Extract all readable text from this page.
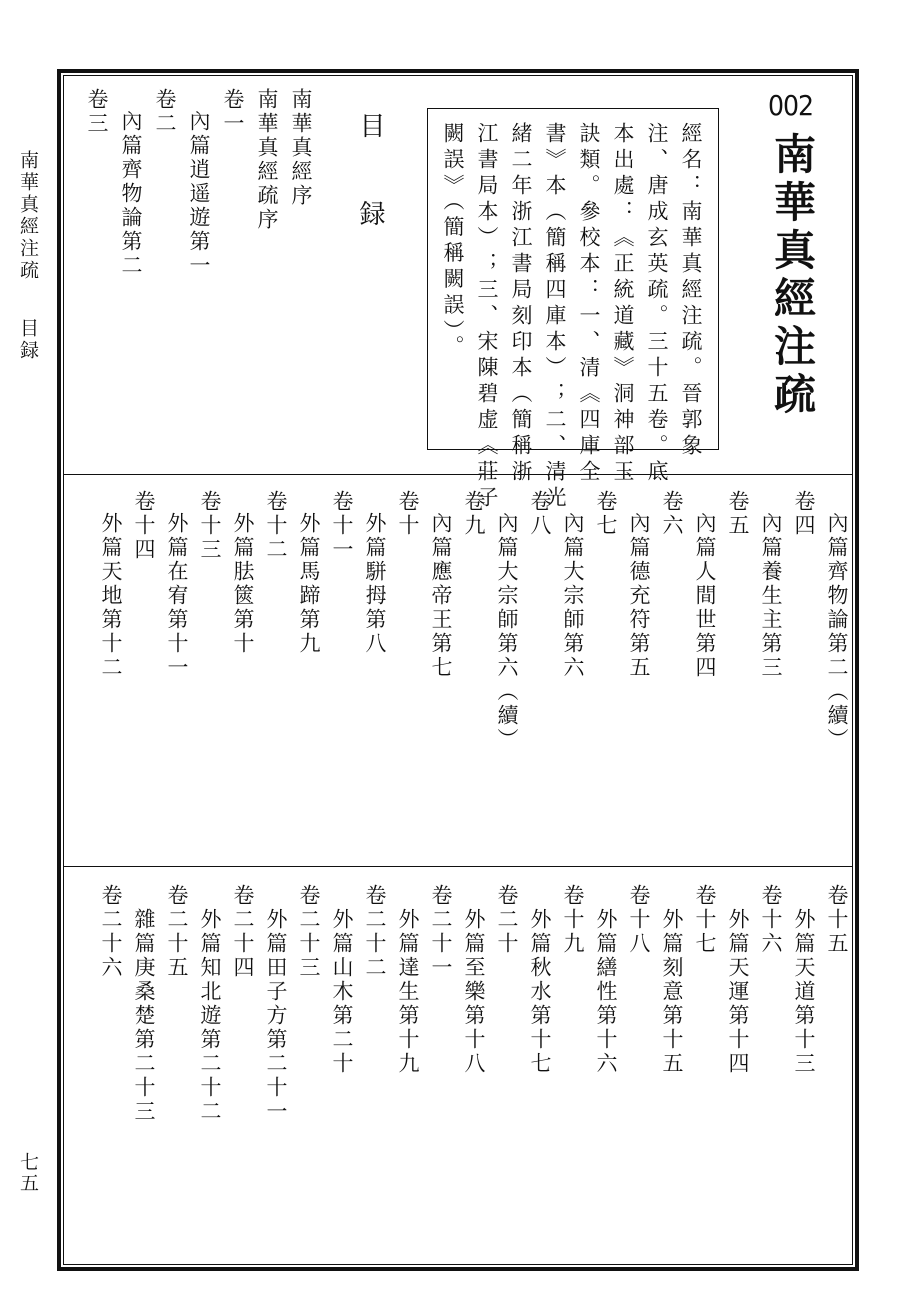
南華真經注疏
目録
七五
002
南華真經注疏
經名：南華真經注疏。晉郭象
注、唐成玄英疏。三十五卷。底
本出處：《正統道藏》洞神部玉
訣類。參校本：一、清《四庫全
書》本（簡稱四庫本）；二、清光
緒二年浙江書局刻印本（簡稱浙
江書局本）；三、宋陳碧虚《莊子
闕誤》（簡稱闕誤）。
目　録
南華真經序
南華真經疏序
卷一
內篇逍遥遊第一
卷二
內篇齊物論第二
卷三
內篇齊物論第二（續）
卷四
內篇養生主第三
卷五
內篇人間世第四
卷六
內篇德充符第五
卷七
內篇大宗師第六
卷八
內篇大宗師第六（續）
卷九
內篇應帝王第七
卷十
外篇駢拇第八
卷十一
外篇馬蹄第九
卷十二
外篇胠篋第十
卷十三
外篇在宥第十一
卷十四
外篇天地第十二
卷十五
外篇天道第十三
卷十六
外篇天運第十四
卷十七
外篇刻意第十五
卷十八
外篇繕性第十六
卷十九
外篇秋水第十七
卷二十
外篇至樂第十八
卷二十一
外篇達生第十九
卷二十二
外篇山木第二十
卷二十三
外篇田子方第二十一
卷二十四
外篇知北遊第二十二
卷二十五
雜篇庚桑楚第二十三
卷二十六
